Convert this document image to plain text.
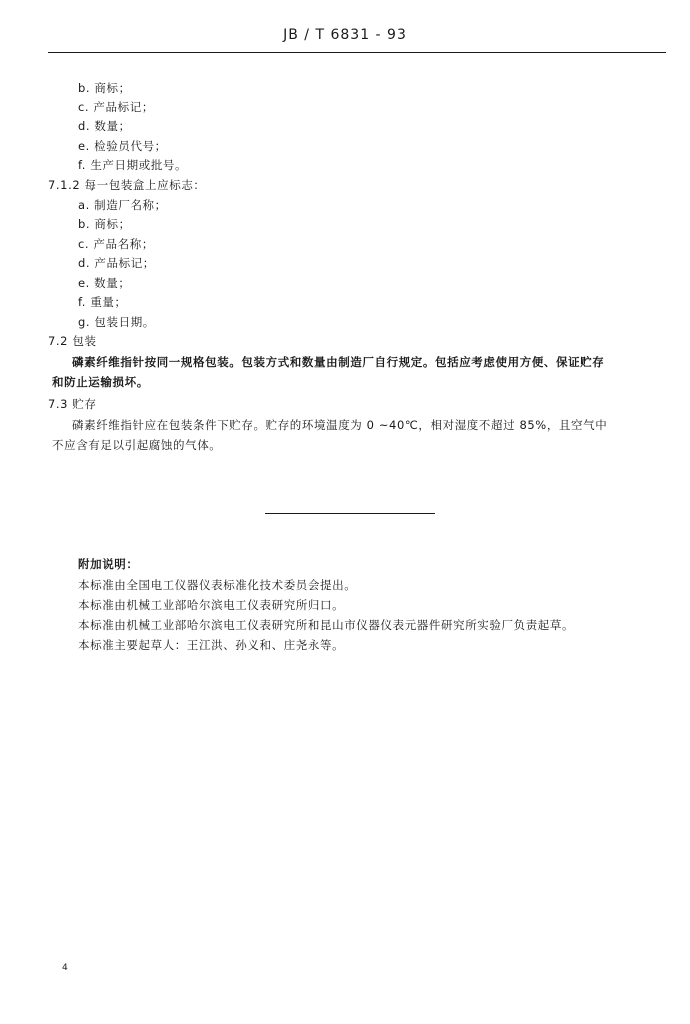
JB / T 6831 - 93
b. 商标；
c. 产品标记；
d. 数量；
e. 检验员代号；
f. 生产日期或批号。
7.1.2 每一包装盒上应标志：
a. 制造厂名称；
b. 商标；
c. 产品名称；
d. 产品标记；
e. 数量；
f. 重量；
g. 包装日期。
7.2 包装
磷素纤维指针按同一规格包装。包装方式和数量由制造厂自行规定。包括应考虑使用方便、保证贮存
和防止运输损坏。
7.3 贮存
磷素纤维指针应在包装条件下贮存。贮存的环境温度为 0 ~40℃，相对湿度不超过 85%，且空气中
不应含有足以引起腐蚀的气体。
附加说明：
本标准由全国电工仪器仪表标准化技术委员会提出。
本标准由机械工业部哈尔滨电工仪表研究所归口。
本标准由机械工业部哈尔滨电工仪表研究所和昆山市仪器仪表元器件研究所实验厂负责起草。
本标准主要起草人：王江洪、孙义和、庄尧永等。
4
